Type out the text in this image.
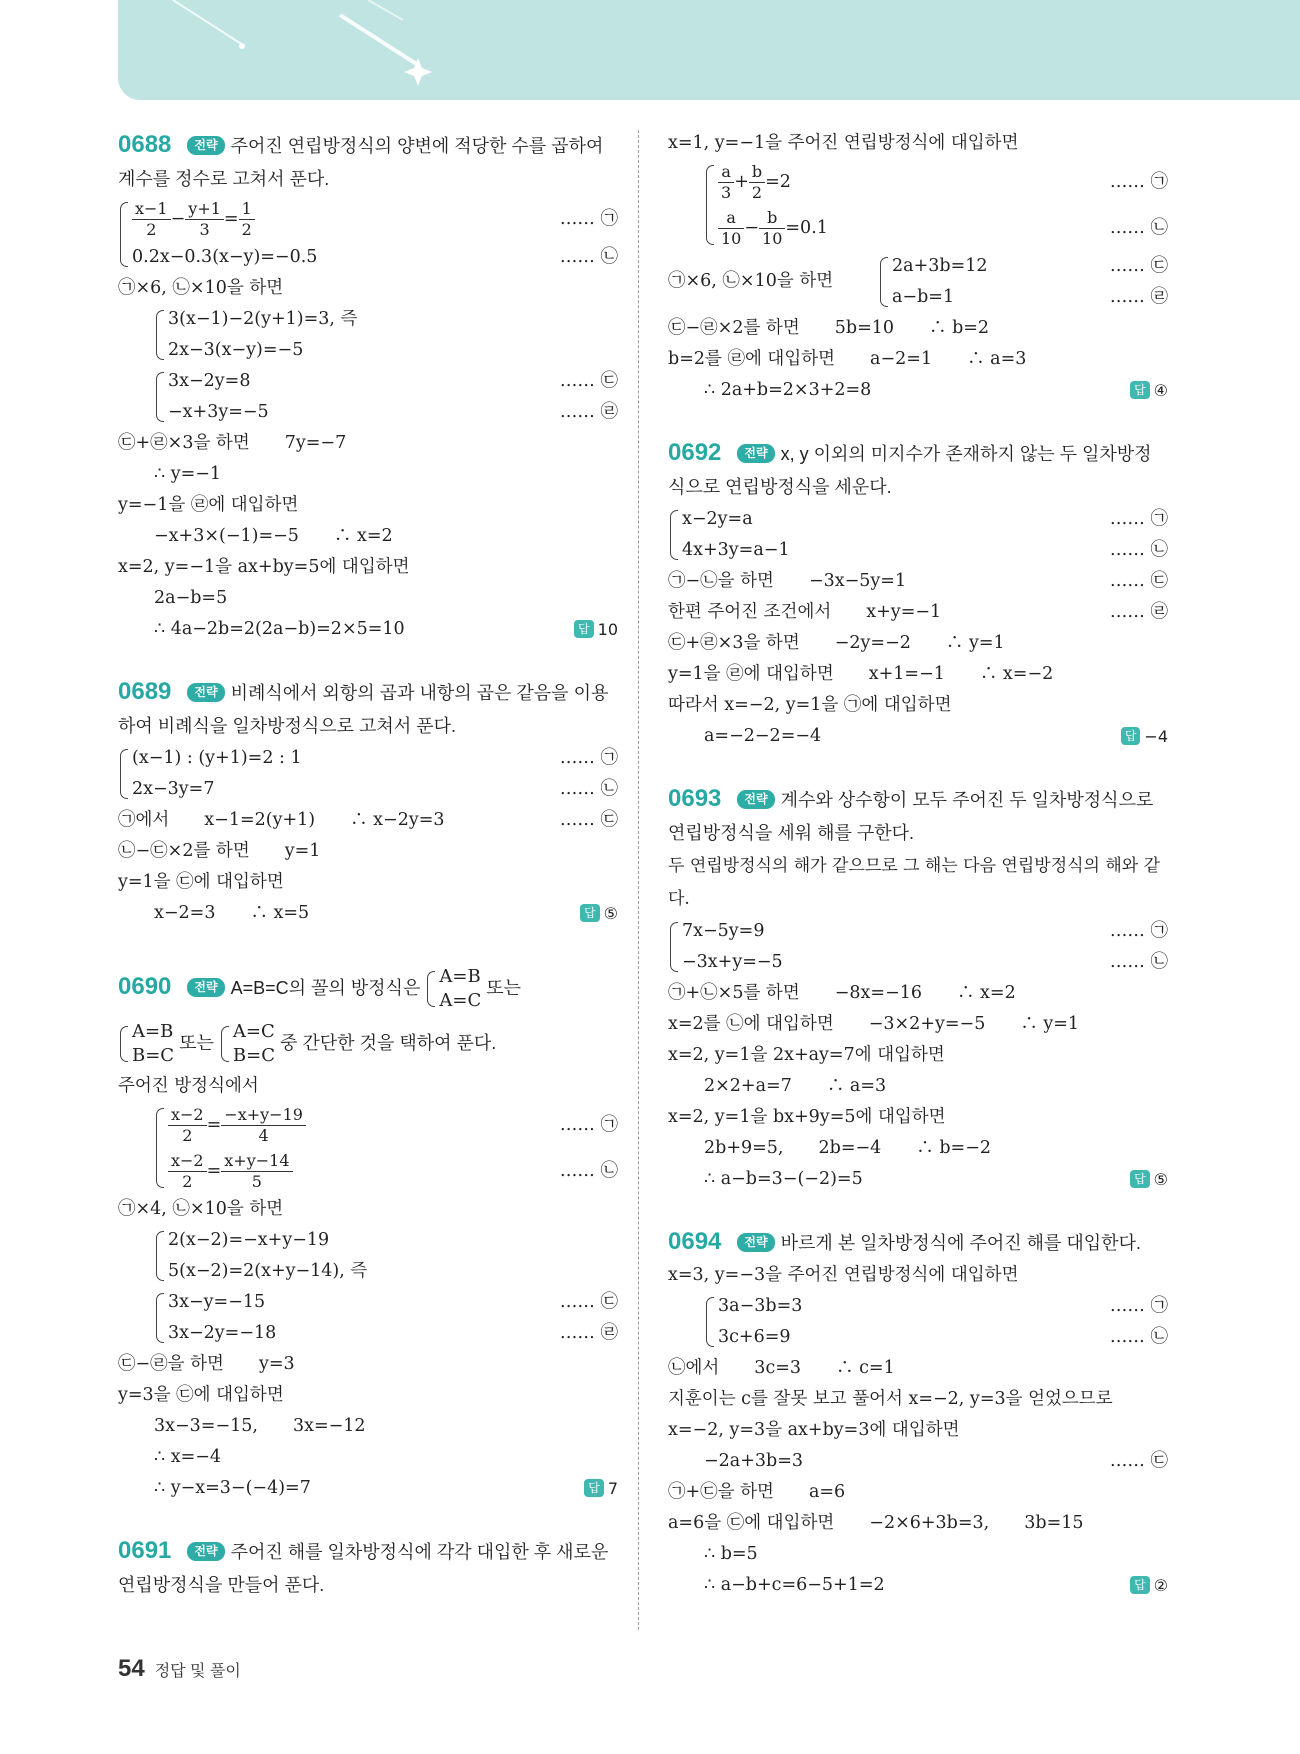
0688 전략 주어진 연립방정식의 양변에 적당한 수를 곱하여 계수를 정수로 고쳐서 푼다.
$\frac{x-1}{2} - \frac{y+1}{3} = \frac{1}{2}$	…… ㉠
0.2x−0.3(x−y)=−0.5	…… ㉡
㉠×6, ㉡×10을 하면
3(x−1)−2(y+1)=3, 즉
2x−3(x−y)=−5
3x−2y=8	…… ㉢
−x+3y=−5	…… ㉣
㉢+㉣×3을 하면　　7y=−7
∴ y=−1
y=−1을 ㉣에 대입하면
−x+3×(−1)=−5　　∴ x=2
x=2, y=−1을 ax+by=5에 대입하면
2a−b=5
∴ 4a−2b=2(2a−b)=2×5=10	답 10
0689 전략 비례식에서 외항의 곱과 내항의 곱은 같음을 이용하여 비례식을 일차방정식으로 고쳐서 푼다.
(x−1) : (y+1)=2 : 1	…… ㉠
2x−3y=7	…… ㉡
㉠에서　　x−1=2(y+1)　　∴ x−2y=3	…… ㉢
㉡−㉢×2를 하면　　y=1
y=1을 ㉢에 대입하면
x−2=3　　∴ x=5	답 ⑤
0690 전략 A=B=C의 꼴의 방정식은
A=B
A=C
또는
A=B
B=C
또는
A=C
B=C
중 간단한 것을 택하여 푼다.
주어진 방정식에서
$\frac{x-2}{2} = \frac{-x+y-19}{4}$	…… ㉠
$\frac{x-2}{2} = \frac{x+y-14}{5}$	…… ㉡
㉠×4, ㉡×10을 하면
2(x−2)=−x+y−19
5(x−2)=2(x+y−14), 즉
3x−y=−15	…… ㉢
3x−2y=−18	…… ㉣
㉢−㉣을 하면　　y=3
y=3을 ㉢에 대입하면
3x−3=−15,　　3x=−12
∴ x=−4
∴ y−x=3−(−4)=7	답 7
0691 전략 주어진 해를 일차방정식에 각각 대입한 후 새로운 연립방정식을 만들어 푼다.
x=1, y=−1을 주어진 연립방정식에 대입하면
$\frac{a}{3} + \frac{b}{2} =2$	…… ㉠
$\frac{a}{10} - \frac{b}{10} =0.1$	…… ㉡
㉠×6, ㉡×10을 하면
2a+3b=12	…… ㉢
a−b=1	…… ㉣
㉢−㉣×2를 하면　　5b=10　　∴ b=2
b=2를 ㉣에 대입하면　　a−2=1　　∴ a=3
∴ 2a+b=2×3+2=8	답 ④
0692 전략 x, y 이외의 미지수가 존재하지 않는 두 일차방정식으로 연립방정식을 세운다.
x−2y=a	…… ㉠
4x+3y=a−1	…… ㉡
㉠−㉡을 하면　　−3x−5y=1	…… ㉢
한편 주어진 조건에서　　x+y=−1	…… ㉣
㉢+㉣×3을 하면　　−2y=−2　　∴ y=1
y=1을 ㉣에 대입하면　　x+1=−1　　∴ x=−2
따라서 x=−2, y=1을 ㉠에 대입하면
a=−2−2=−4	답 −4
0693 전략 계수와 상수항이 모두 주어진 두 일차방정식으로 연립방정식을 세워 해를 구한다.
두 연립방정식의 해가 같으므로 그 해는 다음 연립방정식의 해와 같다.
7x−5y=9	…… ㉠
−3x+y=−5	…… ㉡
㉠+㉡×5를 하면　　−8x=−16　　∴ x=2
x=2를 ㉡에 대입하면　　−3×2+y=−5　　∴ y=1
x=2, y=1을 2x+ay=7에 대입하면
2×2+a=7　　∴ a=3
x=2, y=1을 bx+9y=5에 대입하면
2b+9=5,　　2b=−4　　∴ b=−2
∴ a−b=3−(−2)=5	답 ⑤
0694 전략 바르게 본 일차방정식에 주어진 해를 대입한다.
x=3, y=−3을 주어진 연립방정식에 대입하면
3a−3b=3	…… ㉠
3c+6=9	…… ㉡
㉡에서　　3c=3　　∴ c=1
지훈이는 c를 잘못 보고 풀어서 x=−2, y=3을 얻었으므로
x=−2, y=3을 ax+by=3에 대입하면
−2a+3b=3	…… ㉢
㉠+㉢을 하면　　a=6
a=6을 ㉢에 대입하면　　−2×6+3b=3,　　3b=15
∴ b=5
∴ a−b+c=6−5+1=2	답 ②
54 정답 및 풀이
